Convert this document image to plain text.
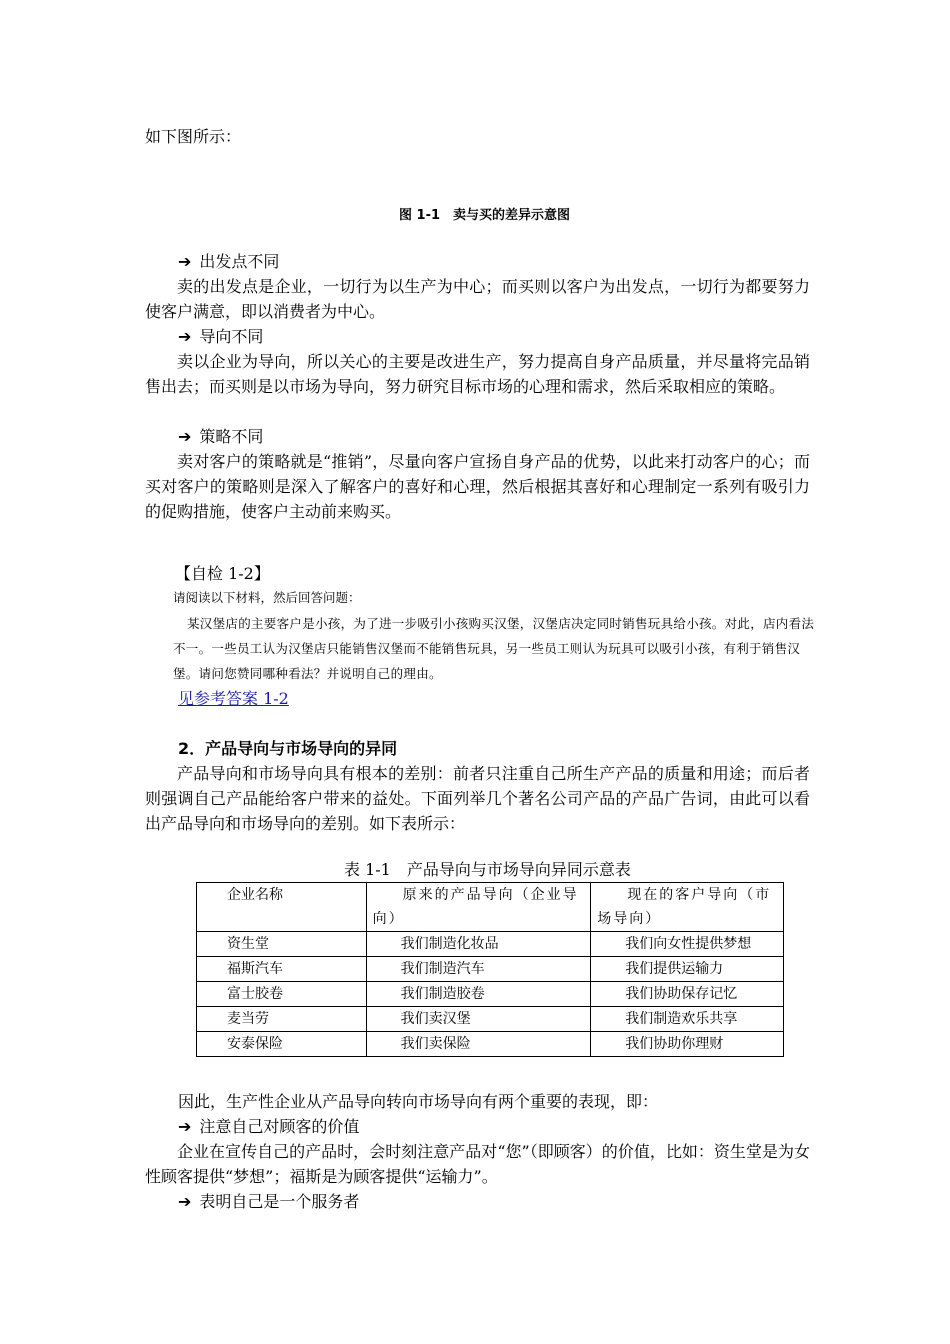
如下图所示：
图 1-1　卖与买的差异示意图
➔ 出发点不同
卖的出发点是企业，一切行为以生产为中心；而买则以客户为出发点，一切行为都要努力使客户满意，即以消费者为中心。
➔ 导向不同
卖以企业为导向，所以关心的主要是改进生产，努力提高自身产品质量，并尽量将完品销售出去；而买则是以市场为导向，努力研究目标市场的心理和需求，然后采取相应的策略。
➔ 策略不同
卖对客户的策略就是“推销”，尽量向客户宣扬自身产品的优势，以此来打动客户的心；而买对客户的策略则是深入了解客户的喜好和心理，然后根据其喜好和心理制定一系列有吸引力的促购措施，使客户主动前来购买。
【自检 1-2】
请阅读以下材料，然后回答问题：
某汉堡店的主要客户是小孩，为了进一步吸引小孩购买汉堡，汉堡店决定同时销售玩具给小孩。对此，店内看法不一。一些员工认为汉堡店只能销售汉堡而不能销售玩具，另一些员工则认为玩具可以吸引小孩，有利于销售汉堡。请问您赞同哪种看法？并说明自己的理由。
见参考答案 1-2
2．产品导向与市场导向的异同
产品导向和市场导向具有根本的差别：前者只注重自己所生产产品的质量和用途；而后者则强调自己产品能给客户带来的益处。下面列举几个著名公司产品的产品广告词，由此可以看出产品导向和市场导向的差别。如下表所示：
表 1-1　产品导向与市场导向异同示意表
企业名称	原来的产品导向（企业导向）	现在的客户导向（市场导向）

资生堂	我们制造化妆品	我们向女性提供梦想
福斯汽车	我们制造汽车	我们提供运输力
富士胶卷	我们制造胶卷	我们协助保存记忆
麦当劳	我们卖汉堡	我们制造欢乐共享
安泰保险	我们卖保险	我们协助你理财
因此，生产性企业从产品导向转向市场导向有两个重要的表现，即：
➔ 注意自己对顾客的价值
企业在宣传自己的产品时，会时刻注意产品对“您”（即顾客）的价值，比如：资生堂是为女性顾客提供“梦想”；福斯是为顾客提供“运输力”。
➔ 表明自己是一个服务者
